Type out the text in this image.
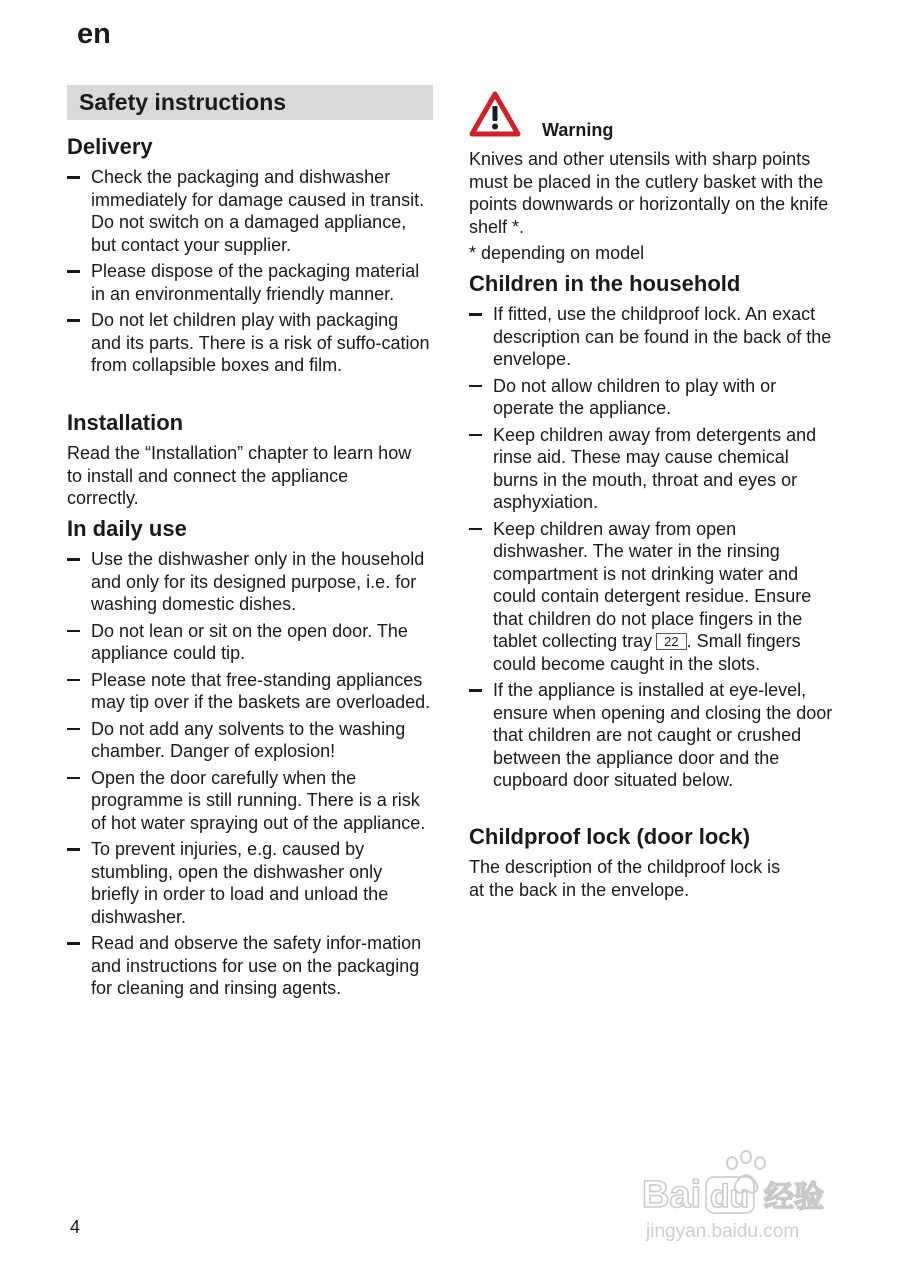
en
Safety instructions
Delivery
Check the packaging and dishwasher immediately for damage caused in transit. Do not switch on a damaged appliance, but contact your supplier.
Please dispose of the packaging material in an environmentally friendly manner.
Do not let children play with packaging and its parts. There is a risk of suffo-cation from collapsible boxes and film.
Installation

Read the “Installation” chapter to learn how to install and connect the appliance correctly.

In daily use
Use the dishwasher only in the household and only for its designed purpose, i.e. for washing domestic dishes.
Do not lean or sit on the open door. The appliance could tip.
Please note that free-standing appliances may tip over if the baskets are overloaded.
Do not add any solvents to the washing chamber. Danger of explosion!
Open the door carefully when the programme is still running. There is a risk of hot water spraying out of the appliance.
To prevent injuries, e.g. caused by stumbling, open the dishwasher only briefly in order to load and unload the dishwasher.
Read and observe the safety infor-mation and instructions for use on the packaging for cleaning and rinsing agents.
Warning

Knives and other utensils with sharp points must be placed in the cutlery basket with the points downwards or horizontally on the knife shelf *.

* depending on model

Children in the household
If fitted, use the childproof lock. An exact description can be found in the back of the envelope.
Do not allow children to play with or operate the appliance.
Keep children away from detergents and rinse aid. These may cause chemical burns in the mouth, throat and eyes or asphyxiation.
Keep children away from open dishwasher. The water in the rinsing compartment is not drinking water and could contain detergent residue. Ensure that children do not place fingers in the tablet collecting tray 22 . Small fingers could become caught in the slots.
If the appliance is installed at eye-level, ensure when opening and closing the door that children are not caught or crushed between the appliance door and the cupboard door situated below.
Childproof lock (door lock)

The description of the childproof lock is at the back in the envelope.

4
Bai du 经验
jingyan.baidu.com
